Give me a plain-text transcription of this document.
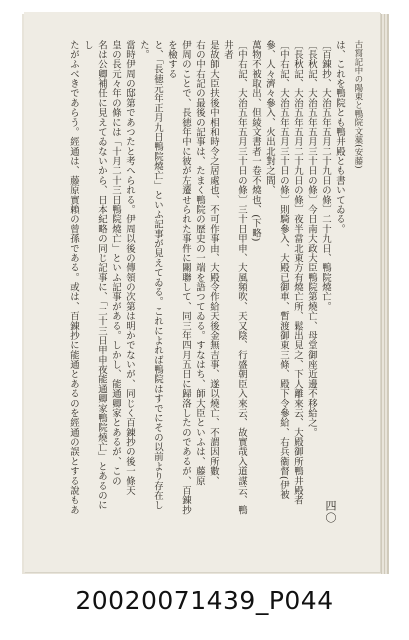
古寫記中の陽東と鴨院文薬(安藤)
は、これを鴨院とも鴨井殿とも書いてゐる。
〔百錬抄、大治五年五月二十九日の條〕二十九日、鴨院燒亡。
〔長秋記、大治五年五月三十日の條〕今日南大政大臣鴨院第燒亡、母堂御座近邊不移給之。
〔長秋記、大治五年五月二十九日の條〕夜半當北東方有燒亡所、鬆出見之、下人離來云、大殿御所鴨井殿者
〔中右記、大治五年五月三十日の條〕則騎參入、大殿已御車、暫渡御東三條、殿下令參給、右兵衞督(伊被參、人々濟々參入、火出北對之間、
萬物不被取出、但綾文書者一卷不燒也、(下略)
〔中右記、大治五年五月三十日の條〕三十日甲申、大風頻吹、天又陰、行盛朝臣入來云、故實哉入道謀云、鴨井者
是故師大臣扶後中相和時令之居處也、不可作事由、大殿令作給天後金無吉事、遂以燒亡、不謂因所數、
右の中右記の最後の記事は、たまく鴨院の歴史の一端を語つてゐる。すなはち、師大臣といふは、藤原
伊周のことで、長徳年中に彼が左遷せられた事件に關聯して、同三年四月五日に歸洛したのであるが、百錬抄を檢する
と、「長徳元年正月九日鴨院燒亡」といふ記事が見えてゐる。これによれば鴨院はすでにその以前より存在した。
當時伊周の邸第であつたと考へられる。伊周以後の傳領の次第は明かでないが、同じく百錬抄の後一條天
皇の長元々年の條には「十月二十三日鴨院燒亡」といふ記事がある。しかし、能通卿家とあるが、この
名は公卿補任に見えてゐないから、日本紀略の同じ記事に、「二十三日甲申夜能通卿家鴨院燒亡」とあるのにし
たがふべきであらう。經通は、藤原實賴の曾孫である。或は、百錬抄に能通とあるのを經通の誤とする說もあ	四〇
20020071439_P044
